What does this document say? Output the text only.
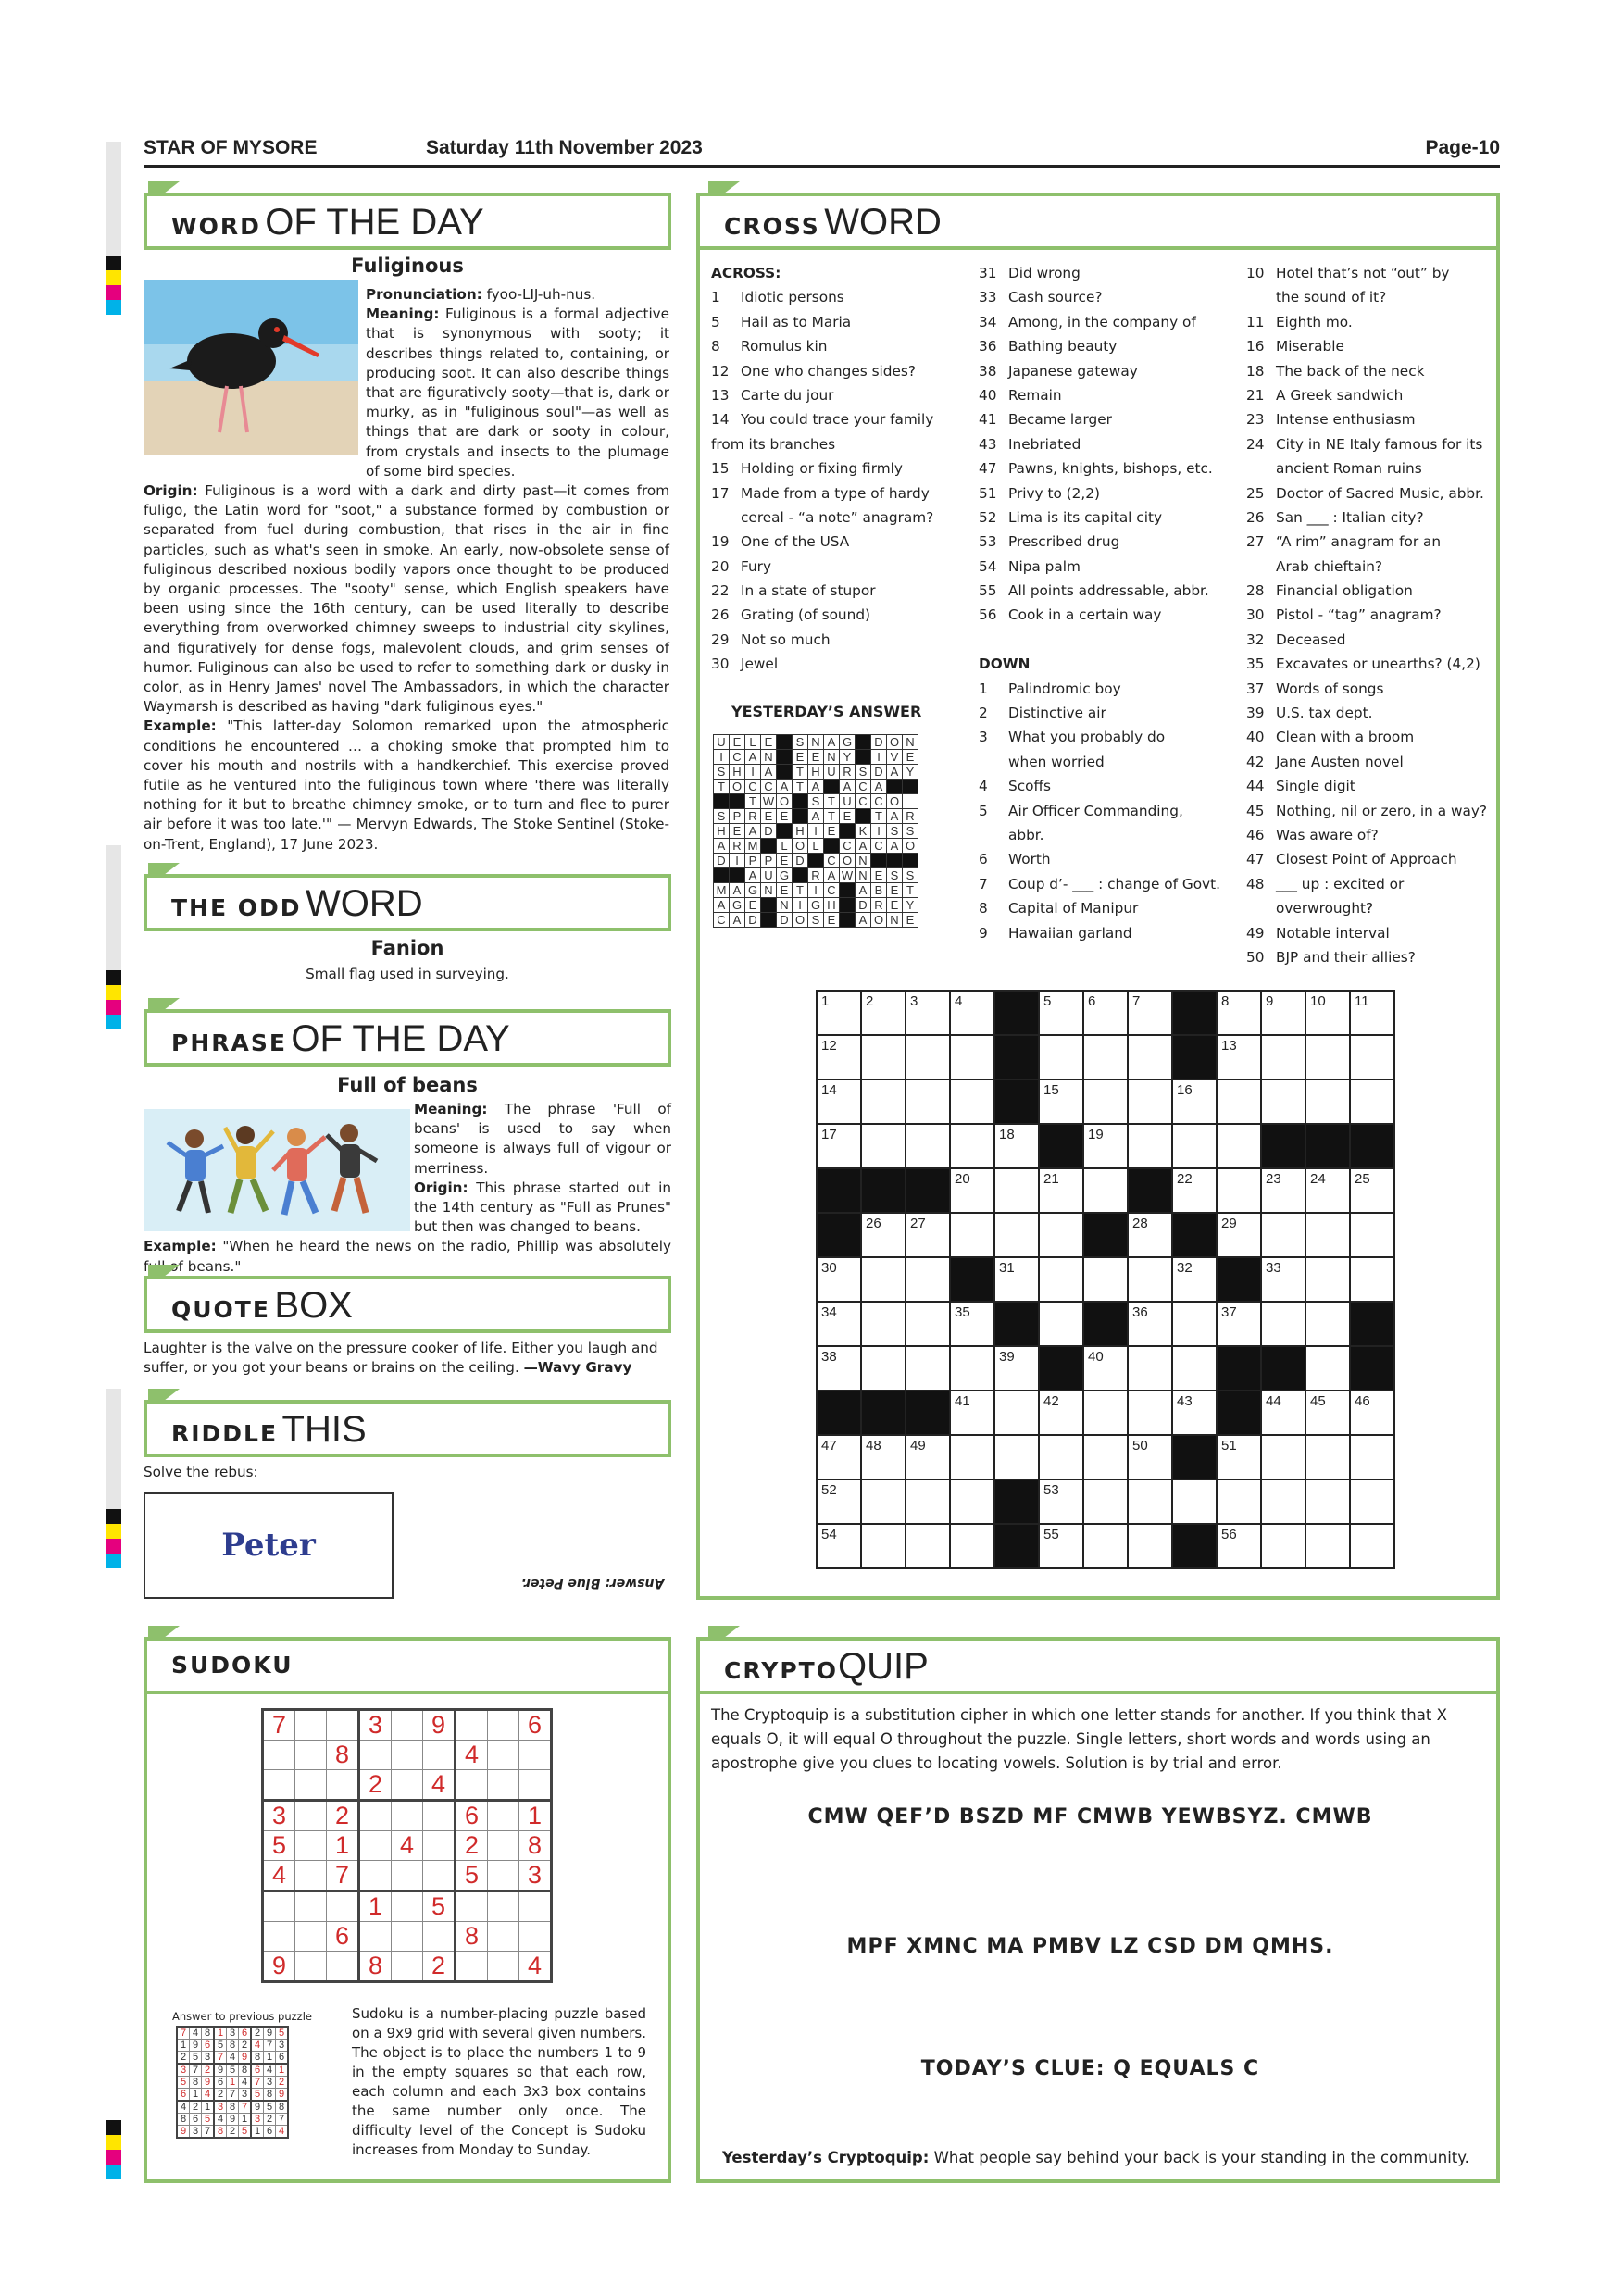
STAR OF MYSORE	Saturday 11th November 2023	Page-10
WORD OF THE DAY
Fuliginous
Pronunciation: fyoo-LIJ-uh-nus.
Meaning: Fuliginous is a formal adjective that is synonymous with sooty; it describes things related to, containing, or producing soot. It can also describe things that are figuratively sooty—that is, dark or murky, as in "fuliginous soul"—as well as things that are dark or sooty in colour, from crystals and insects to the plumage of some bird species.
Origin: Fuliginous is a word with a dark and dirty past—it comes from fuligo, the Latin word for "soot," a substance formed by combustion or separated from fuel during combustion, that rises in the air in fine particles, such as what's seen in smoke. An early, now-obsolete sense of fuliginous described noxious bodily vapors once thought to be produced by organic processes. The "sooty" sense, which English speakers have been using since the 16th century, can be used literally to describe everything from overworked chimney sweeps to industrial city skylines, and figuratively for dense fogs, malevolent clouds, and grim senses of humor. Fuliginous can also be used to refer to something dark or dusky in color, as in Henry James' novel The Ambassadors, in which the character Waymarsh is described as having "dark fuliginous eyes."
Example: "This latter-day Solomon remarked upon the atmospheric conditions he encountered … a choking smoke that prompted him to cover his mouth and nostrils with a handkerchief. This exercise proved futile as he ventured into the fuliginous town where 'there was literally nothing for it but to breathe chimney smoke, or to turn and flee to purer air before it was too late.'" — Mervyn Edwards, The Stoke Sentinel (Stoke-on-Trent, England), 17 June 2023.
THE ODD WORD
Fanion
Small flag used in surveying.
PHRASE OF THE DAY
Full of beans
Meaning: The phrase 'Full of beans' is used to say when someone is always full of vigour or merriness.
Origin: This phrase started out in the 14th century as "Full as Prunes" but then was changed to beans.
Example: "When he heard the news on the radio, Phillip was absolutely full of beans."
QUOTE BOX
Laughter is the valve on the pressure cooker of life. Either you laugh and suffer, or you got your beans or brains on the ceiling. —Wavy Gravy
RIDDLE THIS
Solve the rebus:
Peter
Answer: Blue Peter.
CROSS WORD
ACROSS:
1	Idiotic persons
5	Hail as to Maria
8	Romulus kin
12 One who changes sides?
13 Carte du jour
14 You could trace your family
from its branches
15 Holding or fixing firmly
17 Made from a type of hardy
cereal - “a note” anagram?
19 One of the USA
20 Fury
22 In a state of stupor
26 Grating (of sound)
29 Not so much
30 Jewel
31 Did wrong
33 Cash source?
34 Among, in the company of
36 Bathing beauty
38 Japanese gateway
40 Remain
41 Became larger
43 Inebriated
47 Pawns, knights, bishops, etc.
51 Privy to (2,2)
52 Lima is its capital city
53 Prescribed drug
54 Nipa palm
55 All points addressable, abbr.
56 Cook in a certain way
DOWN
1	Palindromic boy
2	Distinctive air
3	What you probably do
when worried
4	Scoffs
5	Air Officer Commanding,
abbr.
6	Worth
7	Coup d’- ___ : change of Govt.
8	Capital of Manipur
9	Hawaiian garland
10 Hotel that’s not “out” by
the sound of it?
11 Eighth mo.
16 Miserable
18 The back of the neck
21 A Greek sandwich
23 Intense enthusiasm
24 City in NE Italy famous for its
ancient Roman ruins
25 Doctor of Sacred Music, abbr.
26 San ___ : Italian city?
27 “A rim” anagram for an
Arab chieftain?
28 Financial obligation
30 Pistol - “tag” anagram?
32 Deceased
35 Excavates or unearths? (4,2)
37 Words of songs
39 U.S. tax dept.
40 Clean with a broom
42 Jane Austen novel
44 Single digit
45 Nothing, nil or zero, in a way?
46 Was aware of?
47 Closest Point of Approach
48 ___ up : excited or
overwrought?
49 Notable interval
50 BJP and their allies?
YESTERDAY’S ANSWER
U	E	L	E		S	N	A	G		D	O	N
I	C	A	N		E	E	N	Y		I	V	E
S	H	I	A		T	H	U	R	S	D	A	Y
T	O	C	C	A	T	A		A	C	A		
		T	W	O		S	T	U	C	C	O	
S	P	R	E	E		A	T	E		T	A	R
H	E	A	D		H	I	E		K	I	S	S
A	R	M		L	O	L		C	A	C	A	O
D	I	P	P	E	D		C	O	N			
		A	U	G		R	A	W	N	E	S	S
M	A	G	N	E	T	I	C		A	B	E	T
A	G	E		N	I	G	H		D	R	E	Y
C	A	D		D	O	S	E		A	O	N	E
1	2	3	4		5	6	7		8	9	10	11

12									13			

14					15			16				

17				18		19						

			20		21			22		23	24	25

	26	27					28		29			

30				31				32		33		

34			35				36		37			

38				39		40						

			41		42			43		44	45	46

47	48	49					50		51			

52					53							

54					55				56			

SUDOKU
7			3		9			6
		8				4		
			2		4			
3		2				6		1
5		1		4		2		8
4		7				5		3
			1		5			
		6				8		
9			8		2			4
Answer to previous puzzle
7	4	8	1	3	6	2	9	5
1	9	6	5	8	2	4	7	3
2	5	3	7	4	9	8	1	6
3	7	2	9	5	8	6	4	1
5	8	9	6	1	4	7	3	2
6	1	4	2	7	3	5	8	9
4	2	1	3	8	7	9	5	8
8	6	5	4	9	1	3	2	7
9	3	7	8	2	5	1	6	4
Sudoku is a number-placing puzzle based on a 9x9 grid with several given numbers. The object is to place the numbers 1 to 9 in the empty squares so that each row, each column and each 3x3 box contains the same number only once. The difficulty level of the Concept is Sudoku increases from Monday to Sunday.
CRYPTOQUIP
The Cryptoquip is a substitution cipher in which one letter stands for another. If you think that X equals O, it will equal O throughout the puzzle. Single letters, short words and words using an apostrophe give you clues to locating vowels. Solution is by trial and error.
CMW QEF’D BSZD MF CMWB YEWBSYZ. CMWB
MPF XMNC MA PMBV LZ CSD DM QMHS.
TODAY’S CLUE: Q EQUALS C
Yesterday’s Cryptoquip: What people say behind your back is your standing in the community.
